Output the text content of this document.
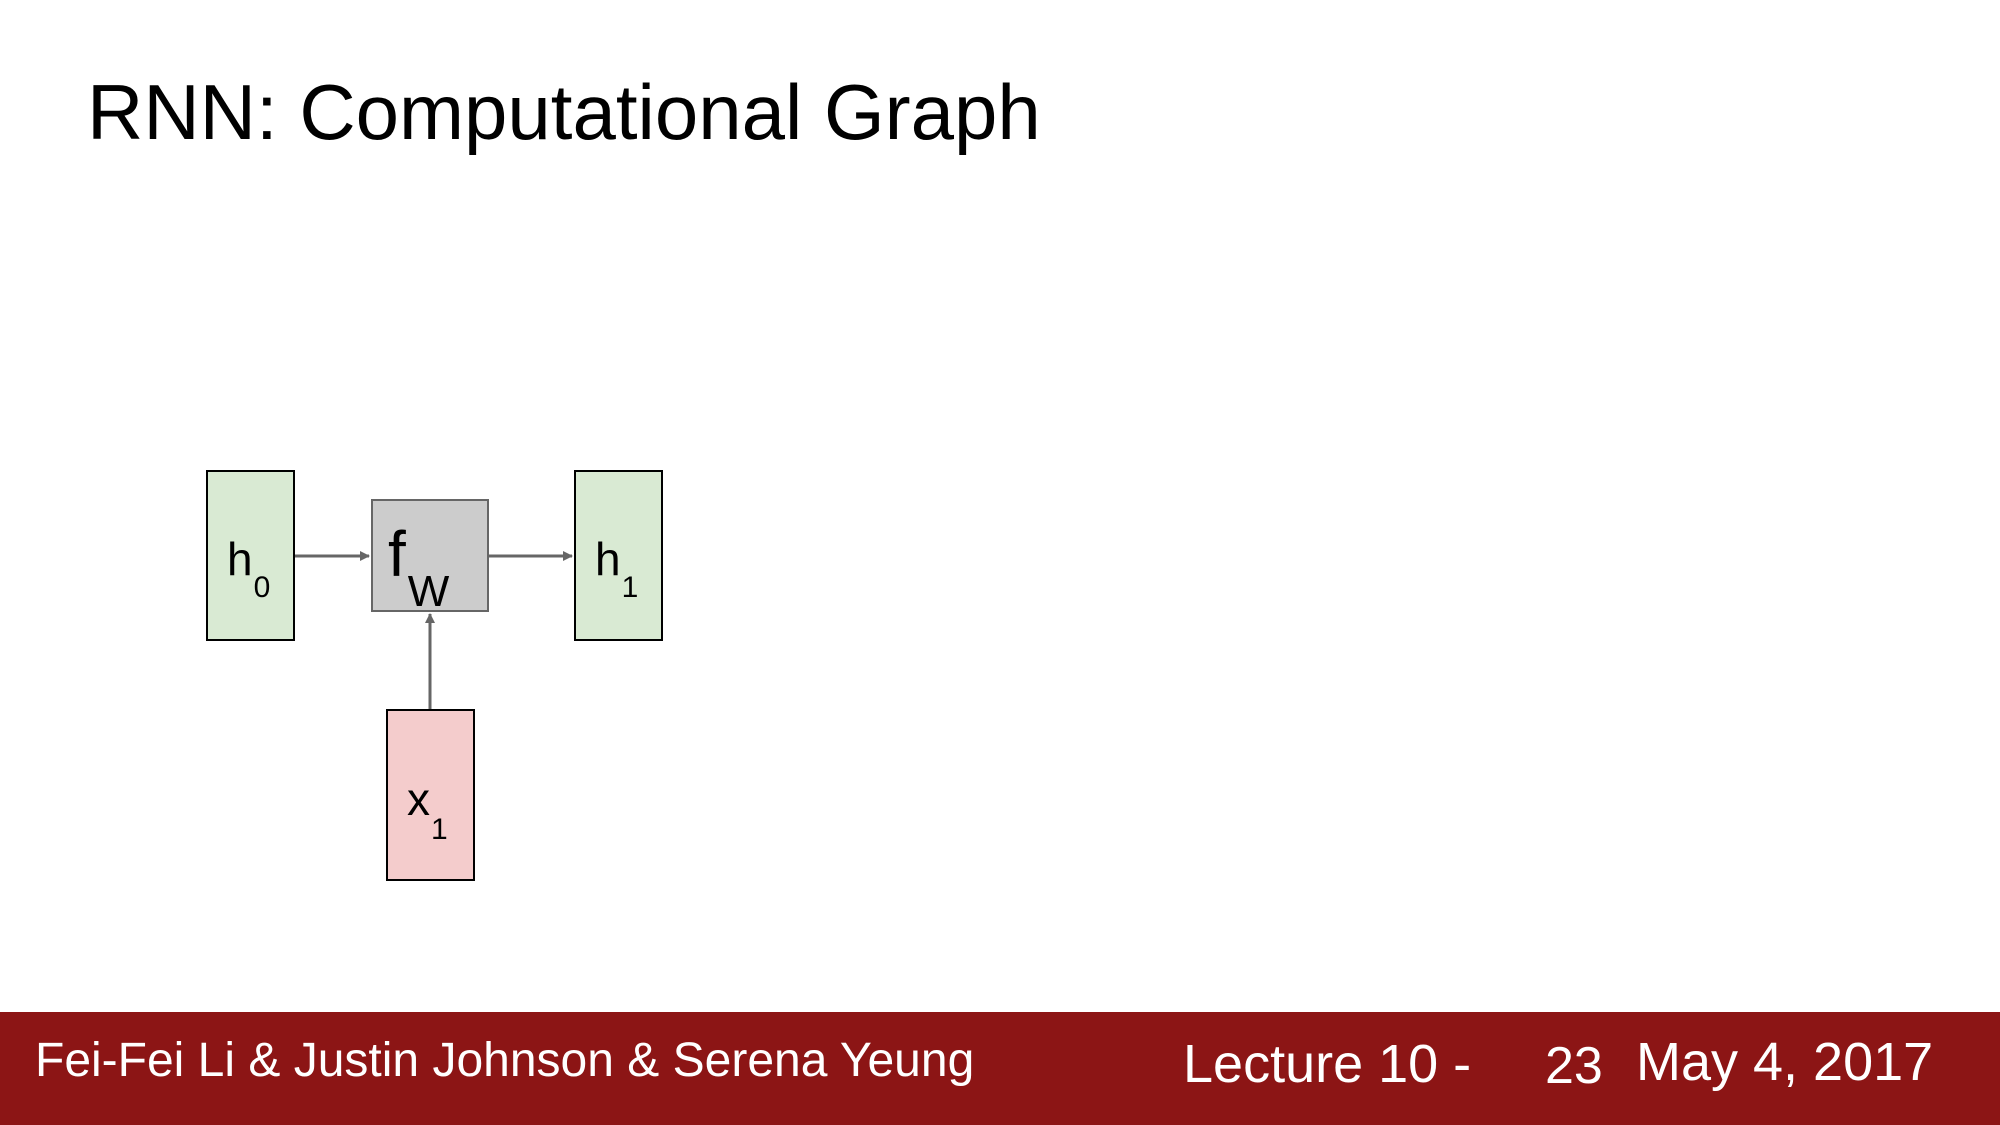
RNN: Computational Graph
h0 fW
h1
x1
Fei-Fei Li & Justin Johnson & Serena Yeung	Lecture 10 - 23 May 4, 2017
